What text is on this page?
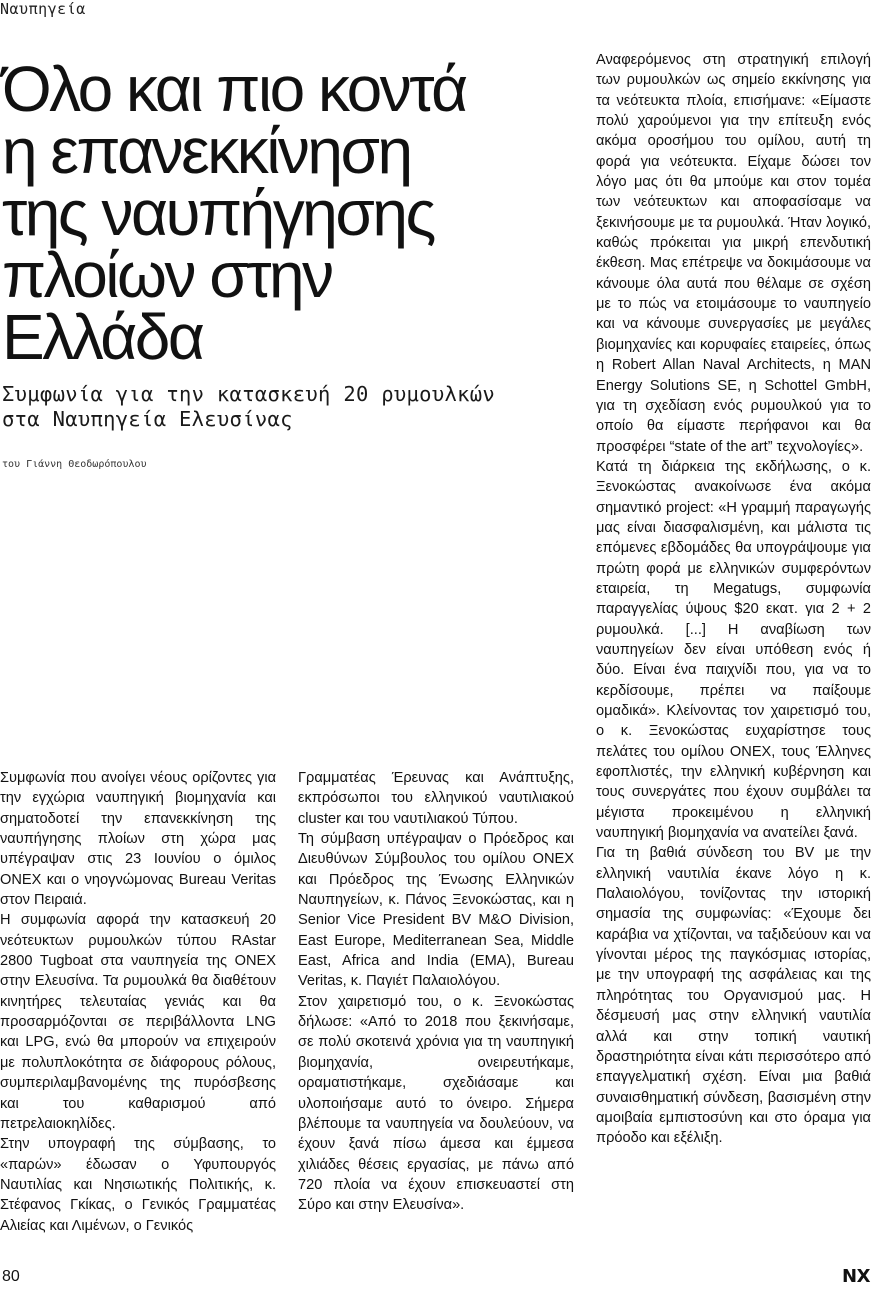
Ναυπηγεία
Όλο και πιο κοντά
η επανεκκίνηση
της ναυπήγησης
πλοίων στην
Ελλάδα
Συμφωνία για την κατασκευή 20 ρυμουλκών
στα Ναυπηγεία Ελευσίνας
του Γιάννη Θεοδωρόπουλου

Συμφωνία που ανοίγει νέους ορίζοντες για την εγχώρια ναυπηγική βιομηχανία και σηματοδοτεί την επανεκκίνηση της ναυπήγησης πλοίων στη χώρα μας υπέγραψαν στις 23 Ιουνίου ο όμιλος ONEX και ο νηογνώμονας Bureau Veritas στον Πειραιά.

Η συμφωνία αφορά την κατασκευή 20 νεότευκτων ρυμουλκών τύπου RAstar 2800 Tugboat στα ναυπηγεία της ONEX στην Ελευσίνα. Τα ρυμουλκά θα διαθέτουν κινητήρες τελευταίας γενιάς και θα προσαρμόζονται σε περιβάλλοντα LNG και LPG, ενώ θα μπορούν να επιχειρούν με πολυπλοκότητα σε διάφορους ρόλους, συμπεριλαμβανομένης της πυρόσβεσης και του καθαρισμού από πετρελαιοκηλίδες.

Στην υπογραφή της σύμβασης, το «παρών» έδωσαν ο Υφυπουργός Ναυτιλίας και Νησιωτικής Πολιτικής, κ. Στέφανος Γκίκας, ο Γενικός Γραμματέας Αλιείας και Λιμένων, ο Γενικός

Γραμματέας Έρευνας και Ανάπτυξης, εκπρόσωποι του ελληνικού ναυτιλιακού cluster και του ναυτιλιακού Τύπου.

Τη σύμβαση υπέγραψαν ο Πρόεδρος και Διευθύνων Σύμβουλος του ομίλου ONEX και Πρόεδρος της Ένωσης Ελληνικών Ναυπηγείων, κ. Πάνος Ξενοκώστας, και η Senior Vice President BV M&O Division, East Europe, Mediterranean Sea, Middle East, Africa and India (EMA), Bureau Veritas, κ. Παγιέτ Παλαιολόγου.

Στον χαιρετισμό του, ο κ. Ξενοκώστας δήλωσε: «Από το 2018 που ξεκινήσαμε, σε πολύ σκοτεινά χρόνια για τη ναυπηγική βιομηχανία, ονειρευτήκαμε, οραματιστήκαμε, σχεδιάσαμε και υλοποιήσαμε αυτό το όνειρο. Σήμερα βλέπουμε τα ναυπηγεία να δουλεύουν, να έχουν ξανά πίσω άμεσα και έμμεσα χιλιάδες θέσεις εργασίας, με πάνω από 720 πλοία να έχουν επισκευαστεί στη Σύρο και στην Ελευσίνα».

Αναφερόμενος στη στρατηγική επιλογή των ρυμουλκών ως σημείο εκκίνησης για τα νεότευκτα πλοία, επισήμανε: «Είμαστε πολύ χαρούμενοι για την επίτευξη ενός ακόμα οροσήμου του ομίλου, αυτή τη φορά για νεότευκτα. Είχαμε δώσει τον λόγο μας ότι θα μπούμε και στον τομέα των νεότευκτων και αποφασίσαμε να ξεκινήσουμε με τα ρυμουλκά. Ήταν λογικό, καθώς πρόκειται για μικρή επενδυτική έκθεση. Μας επέτρεψε να δοκιμάσουμε να κάνουμε όλα αυτά που θέλαμε σε σχέση με το πώς να ετοιμάσουμε το ναυπηγείο και να κάνουμε συνεργασίες με μεγάλες βιομηχανίες και κορυφαίες εταιρείες, όπως η Robert Allan Naval Architects, η MAN Energy Solutions SE, η Schottel GmbH, για τη σχεδίαση ενός ρυμουλκού για το οποίο θα είμαστε περήφανοι και θα προσφέρει “state of the art” τεχνολογίες».

Κατά τη διάρκεια της εκδήλωσης, ο κ. Ξενοκώστας ανακοίνωσε ένα ακόμα σημαντικό project: «Η γραμμή παραγωγής μας είναι διασφαλισμένη, και μάλιστα τις επόμενες εβδομάδες θα υπογράψουμε για πρώτη φορά με ελληνικών συμφερόντων εταιρεία, τη Megatugs, συμφωνία παραγγελίας ύψους $20 εκατ. για 2 + 2 ρυμουλκά. [...] Η αναβίωση των ναυπηγείων δεν είναι υπόθεση ενός ή δύο. Είναι ένα παιχνίδι που, για να το κερδίσουμε, πρέπει να παίξουμε ομαδικά». Κλείνοντας τον χαιρετισμό του, ο κ. Ξενοκώστας ευχαρίστησε τους πελάτες του ομίλου ONEX, τους Έλληνες εφοπλιστές, την ελληνική κυβέρνηση και τους συνεργάτες που έχουν συμβάλει τα μέγιστα προκειμένου η ελληνική ναυπηγική βιομηχανία να ανατείλει ξανά.

Για τη βαθιά σύνδεση του BV με την ελληνική ναυτιλία έκανε λόγο η κ. Παλαιολόγου, τονίζοντας την ιστορική σημασία της συμφωνίας: «Έχουμε δει καράβια να χτίζονται, να ταξιδεύουν και να γίνονται μέρος της παγκόσμιας ιστορίας, με την υπογραφή της ασφάλειας και της πληρότητας του Οργανισμού μας. Η δέσμευσή μας στην ελληνική ναυτιλία αλλά και στην τοπική ναυτική δραστηριότητα είναι κάτι περισσότερο από επαγγελματική σχέση. Είναι μια βαθιά συναισθηματική σύνδεση, βασισμένη στην αμοιβαία εμπιστοσύνη και στο όραμα για πρόοδο και εξέλιξη.

80	NX
